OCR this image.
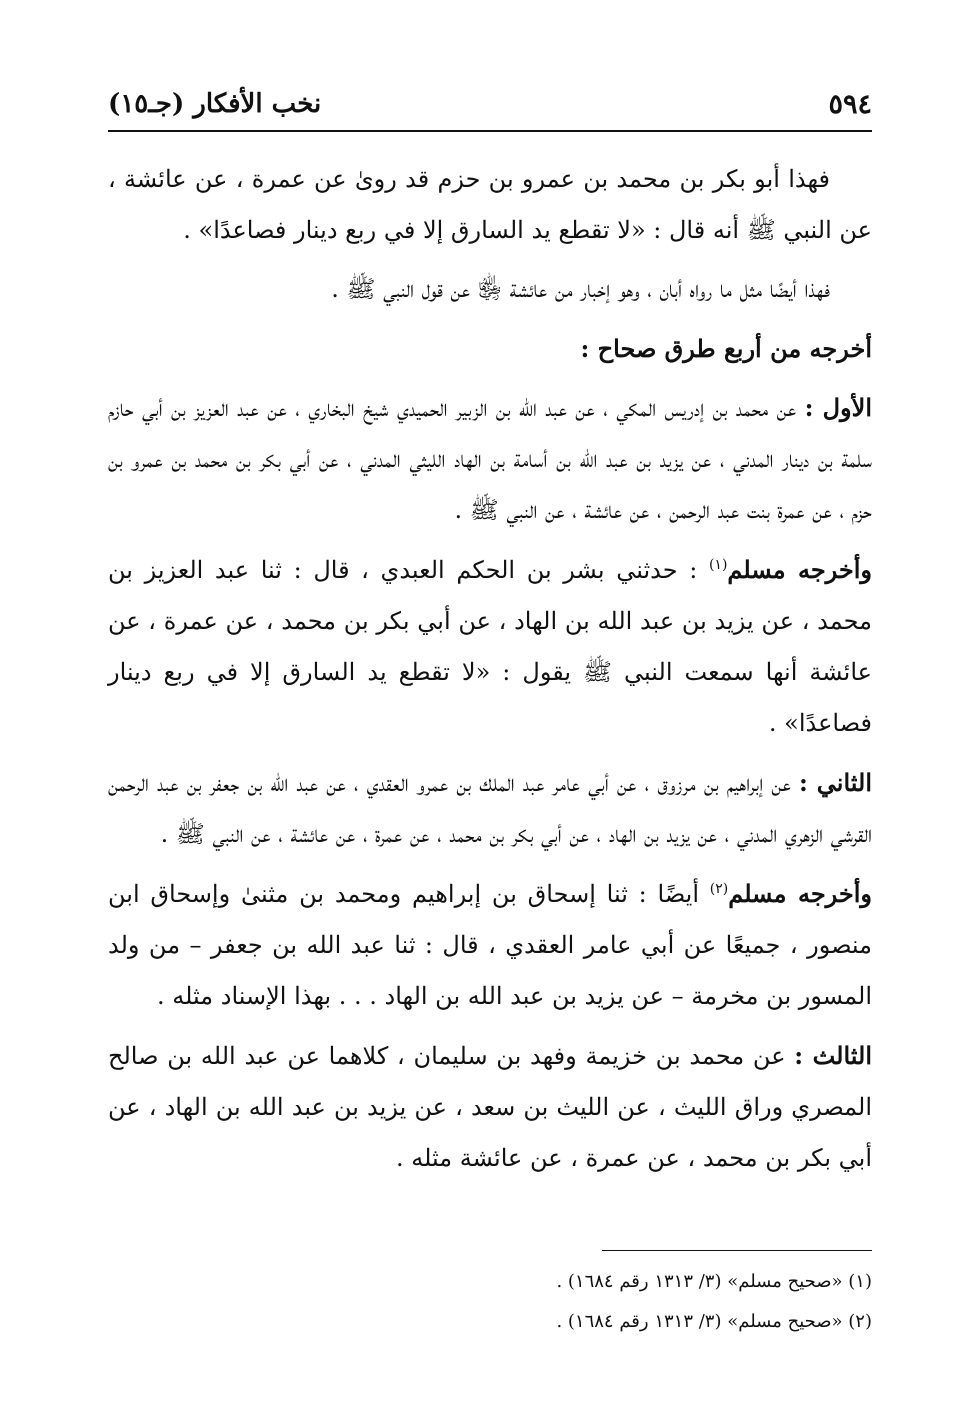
٥٩٤
نخب الأفكار (جـ١٥)

فهذا أبو بكر بن محمد بن عمرو بن حزم قد روىٰ عن عمرة ، عن عائشة ، عن النبي ﷺ أنه قال : «لا تقطع يد السارق إلا في ربع دينار فصاعدًا» .

فهذا أيضًا مثل ما رواه أبان ، وهو إخبار من عائشة ﵂ عن قول النبي ﷺ .

أخرجه من أربع طرق صحاح :

الأول : عن محمد بن إدريس المكي ، عن عبد الله بن الزبير الحميدي شيخ البخاري ، عن عبد العزيز بن أبي حازم سلمة بن دينار المدني ، عن يزيد بن عبد الله بن أسامة بن الهاد الليثي المدني ، عن أبي بكر بن محمد بن عمرو بن حزم ، عن عمرة بنت عبد الرحمن ، عن عائشة ، عن النبي ﷺ .

وأخرجه مسلم$^{(١)}$ : حدثني بشر بن الحكم العبدي ، قال : ثنا عبد العزيز بن محمد ، عن يزيد بن عبد الله بن الهاد ، عن أبي بكر بن محمد ، عن عمرة ، عن عائشة أنها سمعت النبي ﷺ يقول : «لا تقطع يد السارق إلا في ربع دينار فصاعدًا» .

الثاني : عن إبراهيم بن مرزوق ، عن أبي عامر عبد الملك بن عمرو العقدي ، عن عبد الله بن جعفر بن عبد الرحمن القرشي الزهري المدني ، عن يزيد بن الهاد ، عن أبي بكر بن محمد ، عن عمرة ، عن عائشة ، عن النبي ﷺ .

وأخرجه مسلم$^{(٢)}$ أيضًا : ثنا إسحاق بن إبراهيم ومحمد بن مثنىٰ وإسحاق ابن منصور ، جميعًا عن أبي عامر العقدي ، قال : ثنا عبد الله بن جعفر – من ولد المسور بن مخرمة – عن يزيد بن عبد الله بن الهاد . . . بهذا الإسناد مثله .

الثالث : عن محمد بن خزيمة وفهد بن سليمان ، كلاهما عن عبد الله بن صالح المصري وراق الليث ، عن الليث بن سعد ، عن يزيد بن عبد الله بن الهاد ، عن أبي بكر بن محمد ، عن عمرة ، عن عائشة مثله .

(١) «صحيح مسلم» (٣/ ١٣١٣ رقم ١٦٨٤) .

(٢) «صحيح مسلم» (٣/ ١٣١٣ رقم ١٦٨٤) .
